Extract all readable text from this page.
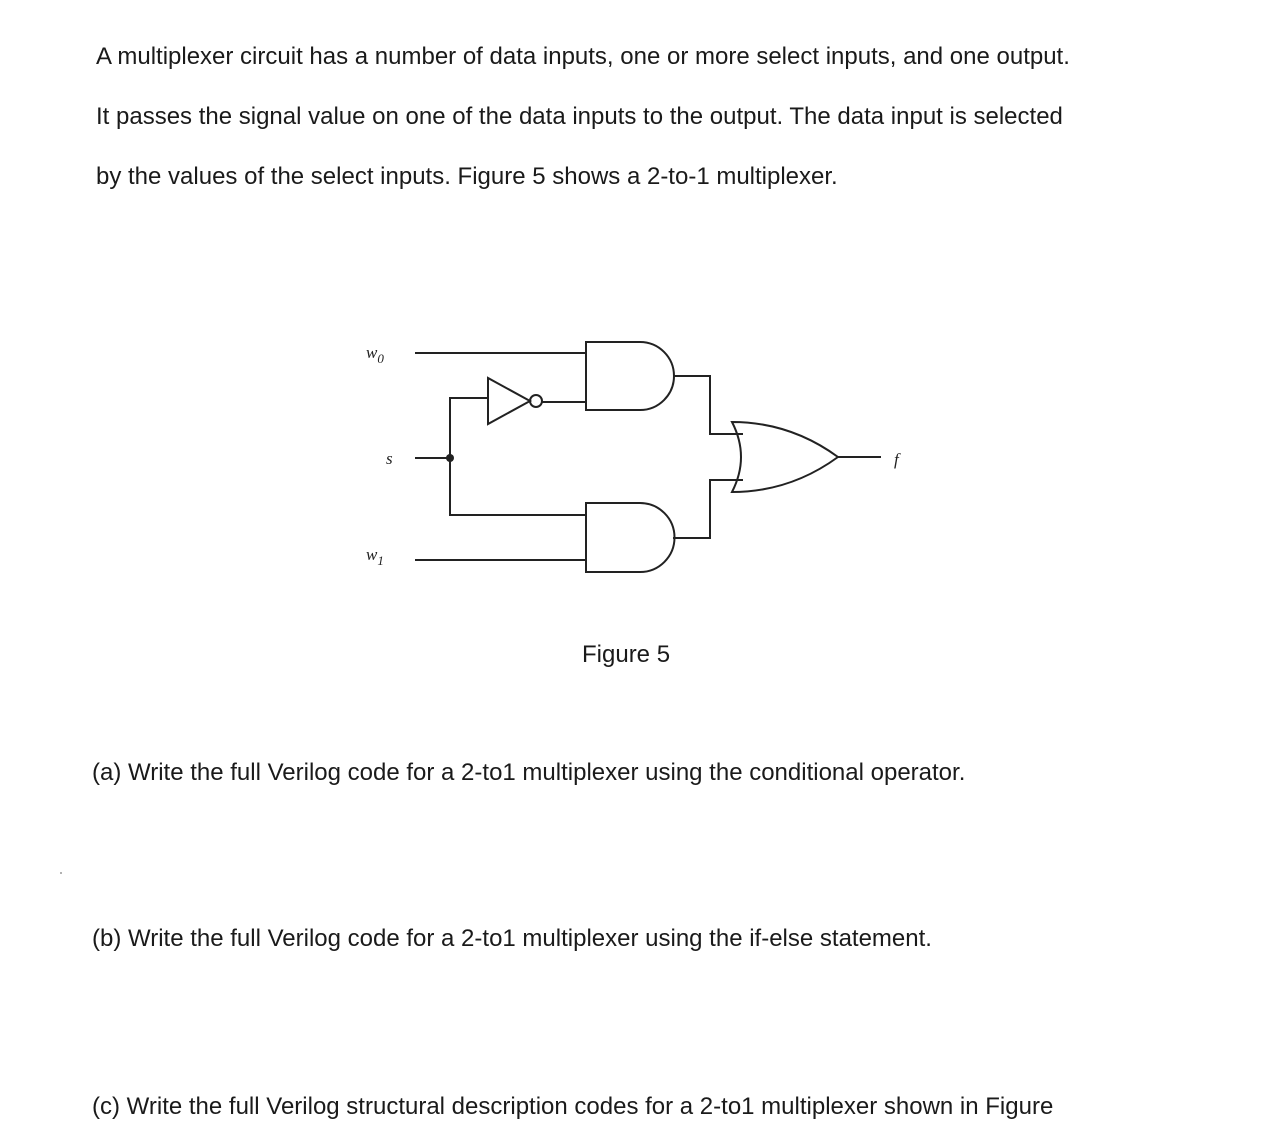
A multiplexer circuit has a number of data inputs, one or more select inputs, and one output.
It passes the signal value on one of the data inputs to the output. The data input is selected
by the values of the select inputs. Figure 5 shows a 2-to-1 multiplexer.
$w_0$
s
$w_1$
f
Figure 5
(a) Write the full Verilog code for a 2-to1 multiplexer using the conditional operator.
(b) Write the full Verilog code for a 2-to1 multiplexer using the if-else statement.
(c) Write the full Verilog structural description codes for a 2-to1 multiplexer shown in Figure
